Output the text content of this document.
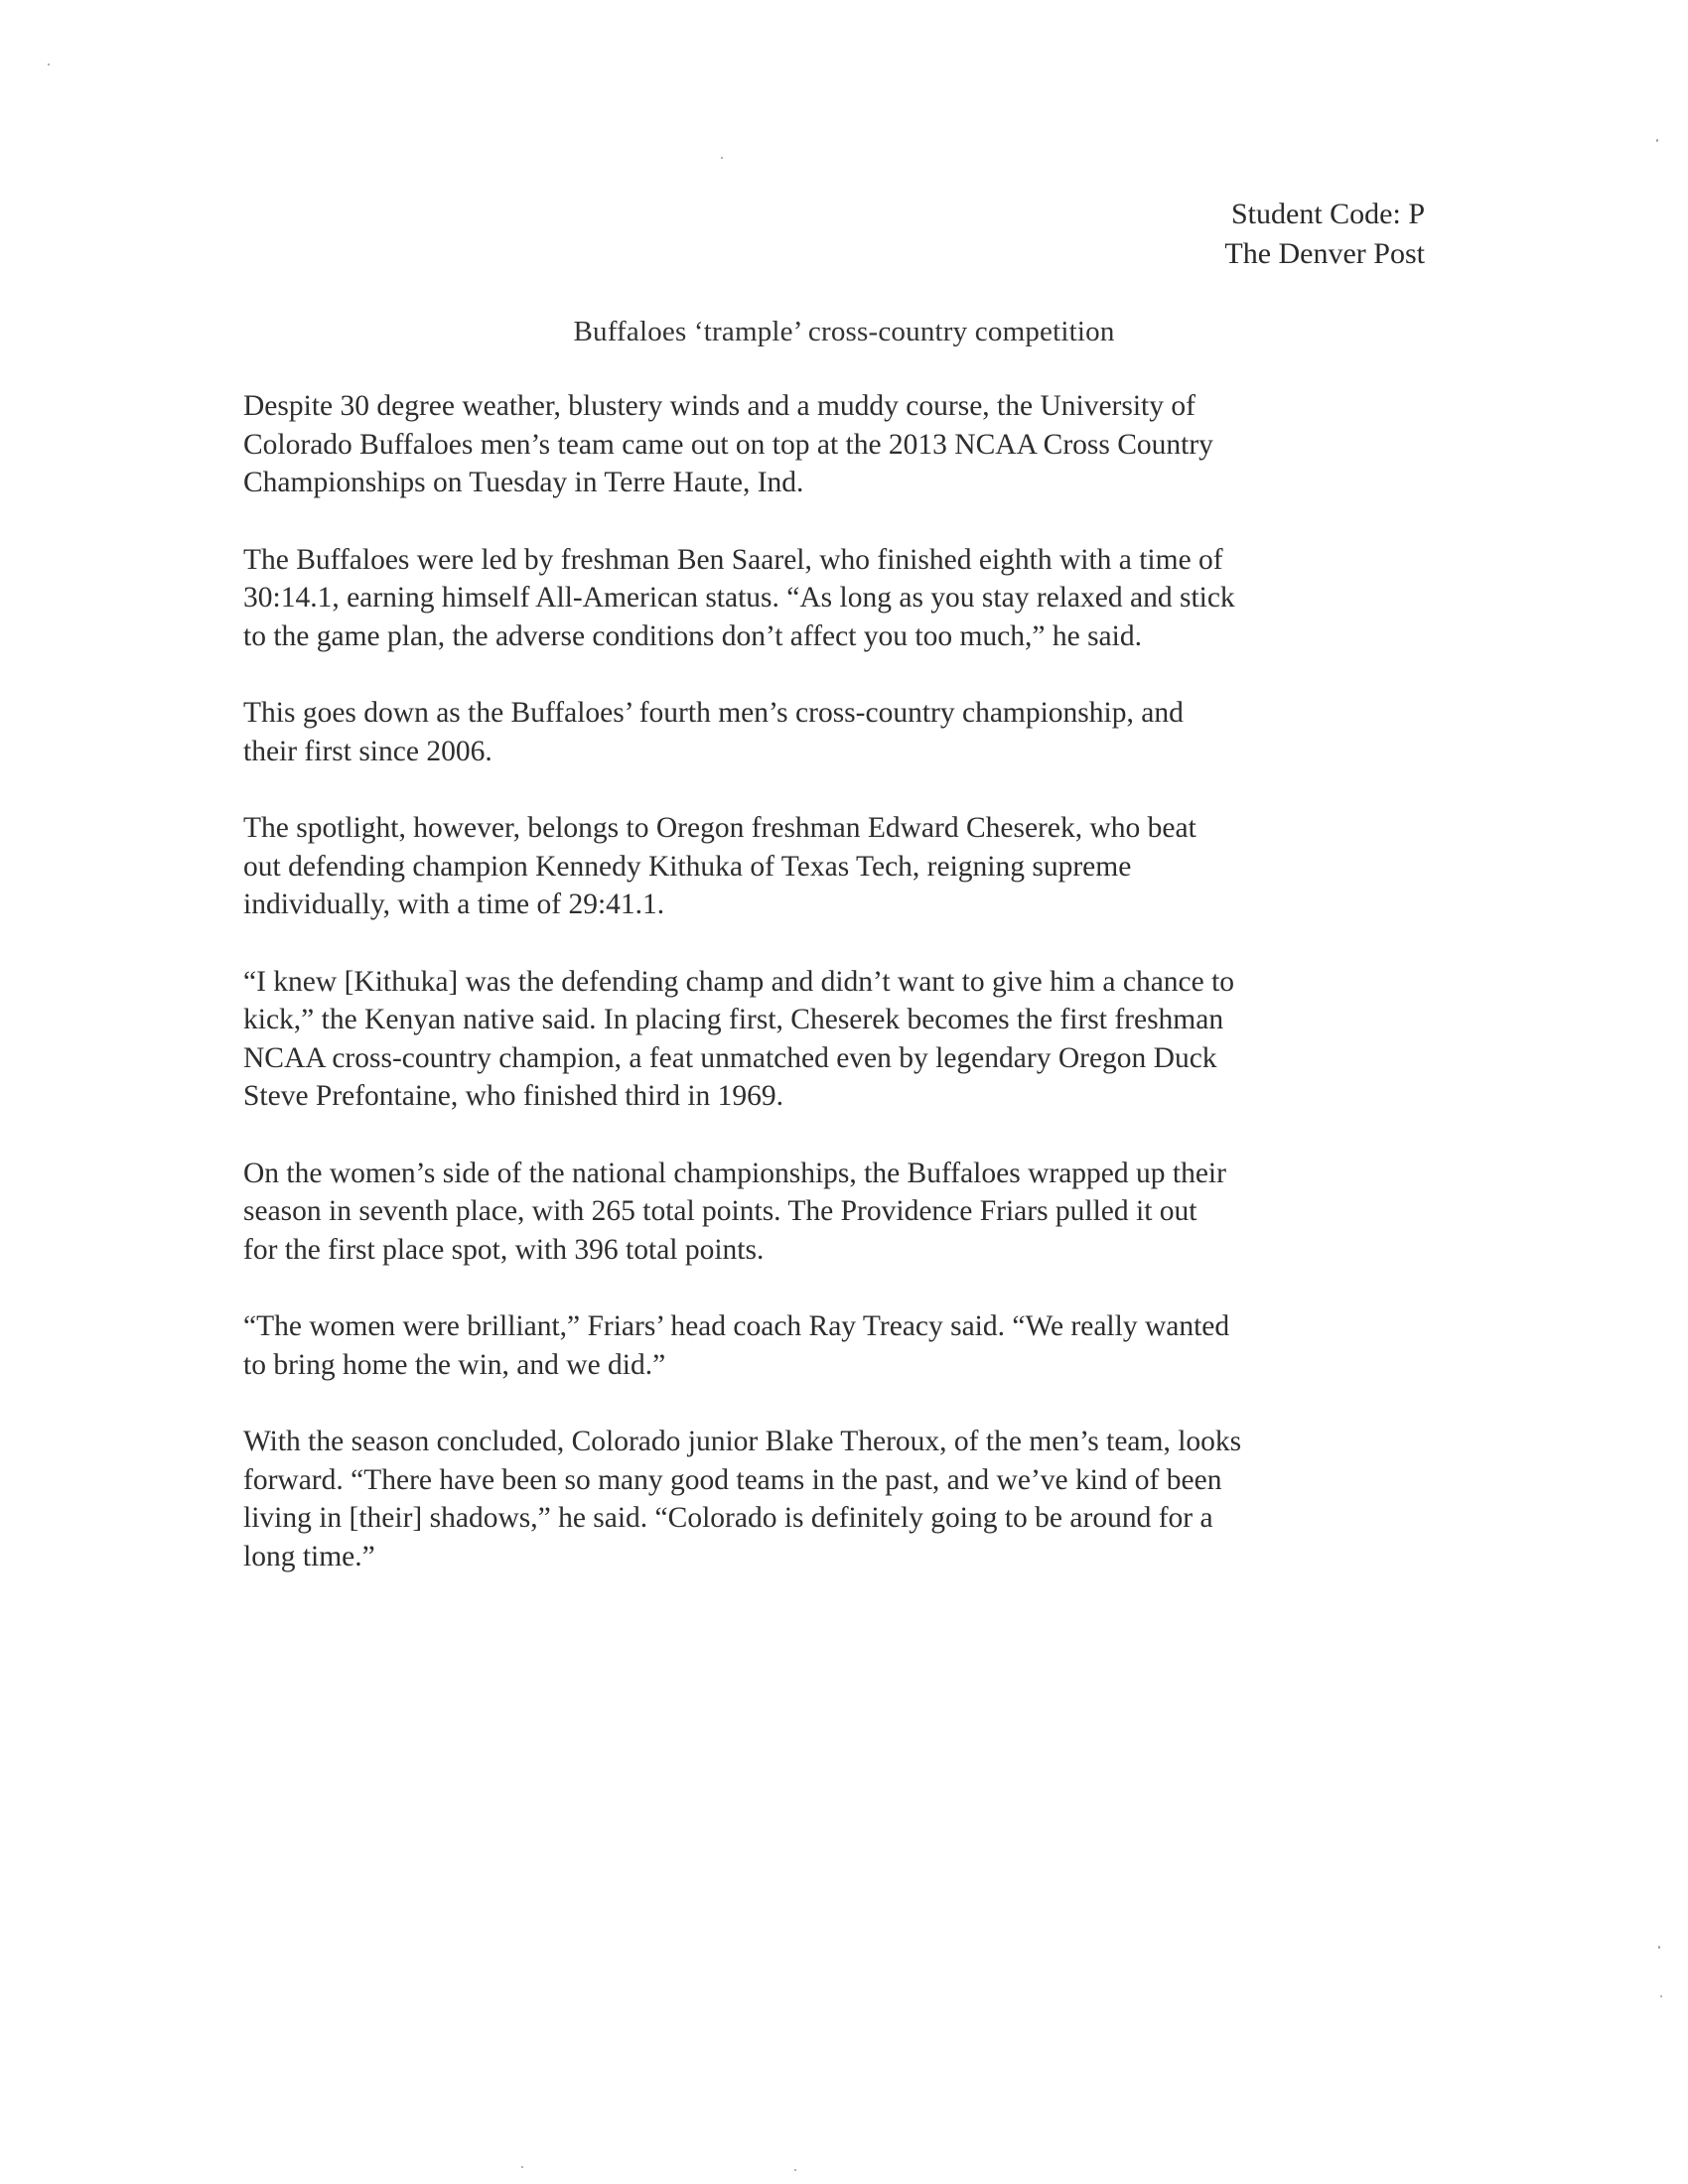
Student Code: P
The Denver Post
Buffaloes ‘trample’ cross-country competition

Despite 30 degree weather, blustery winds and a muddy course, the University of
Colorado Buffaloes men’s team came out on top at the 2013 NCAA Cross Country
Championships on Tuesday in Terre Haute, Ind.

The Buffaloes were led by freshman Ben Saarel, who finished eighth with a time of
30:14.1, earning himself All-American status. “As long as you stay relaxed and stick
to the game plan, the adverse conditions don’t affect you too much,” he said.

This goes down as the Buffaloes’ fourth men’s cross-country championship, and
their first since 2006.

The spotlight, however, belongs to Oregon freshman Edward Cheserek, who beat
out defending champion Kennedy Kithuka of Texas Tech, reigning supreme
individually, with a time of 29:41.1.

“I knew [Kithuka] was the defending champ and didn’t want to give him a chance to
kick,” the Kenyan native said. In placing first, Cheserek becomes the first freshman
NCAA cross-country champion, a feat unmatched even by legendary Oregon Duck
Steve Prefontaine, who finished third in 1969.

On the women’s side of the national championships, the Buffaloes wrapped up their
season in seventh place, with 265 total points. The Providence Friars pulled it out
for the first place spot, with 396 total points.

“The women were brilliant,” Friars’ head coach Ray Treacy said. “We really wanted
to bring home the win, and we did.”

With the season concluded, Colorado junior Blake Theroux, of the men’s team, looks
forward. “There have been so many good teams in the past, and we’ve kind of been
living in [their] shadows,” he said. “Colorado is definitely going to be around for a
long time.”
